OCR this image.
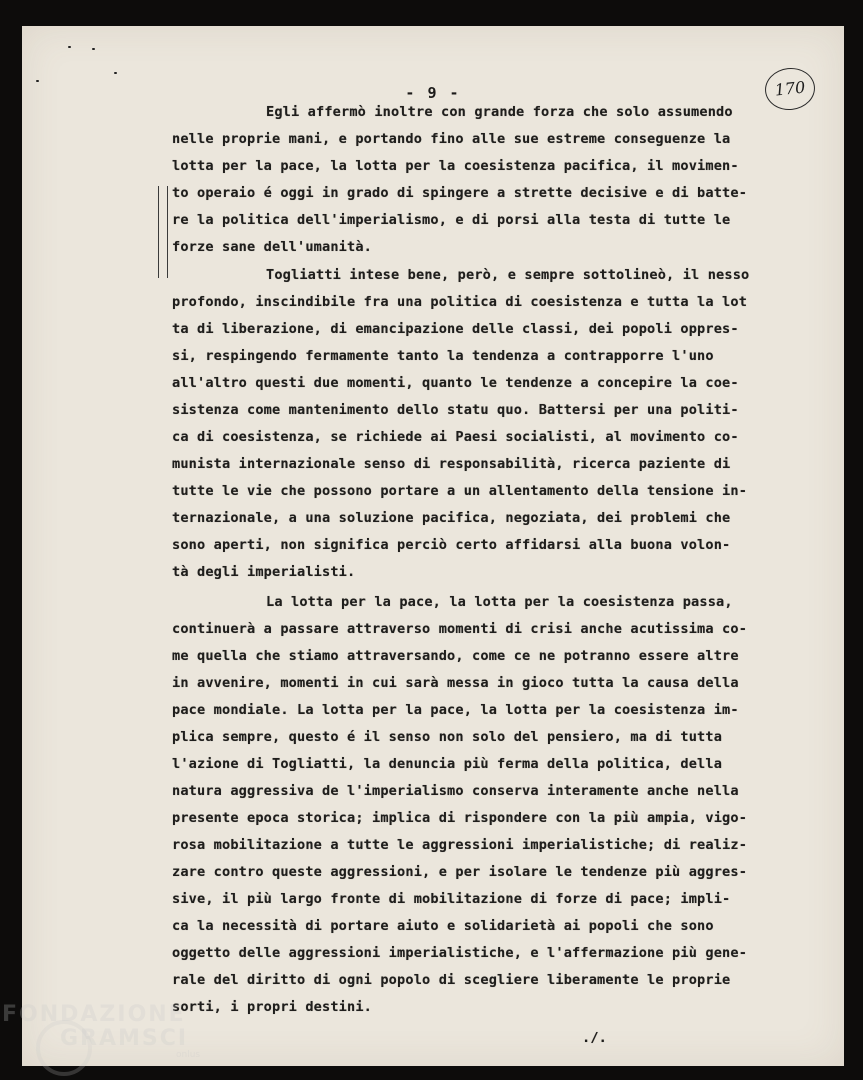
- 9 -	170
Egli affermò inoltre con grande forza che solo assumendo
nelle proprie mani, e portando fino alle sue estreme conseguenze la
lotta per la pace, la lotta per la coesistenza pacifica, il movimen-
to operaio é oggi in grado di spingere a strette decisive e di batte-
re la politica dell'imperialismo, e di porsi alla testa di tutte le
forze sane dell'umanità.
Togliatti intese bene, però, e sempre sottolineò, il nesso
profondo, inscindibile fra una politica di coesistenza e tutta la lot
ta di liberazione, di emancipazione delle classi, dei popoli oppres-
si, respingendo fermamente tanto la tendenza a contrapporre l'uno
all'altro questi due momenti, quanto le tendenze a concepire la coe-
sistenza come mantenimento dello statu quo. Battersi per una politi-
ca di coesistenza, se richiede ai Paesi socialisti, al movimento co-
munista internazionale senso di responsabilità, ricerca paziente di
tutte le vie che possono portare a un allentamento della tensione in-
ternazionale, a una soluzione pacifica, negoziata, dei problemi che
sono aperti, non significa perciò certo affidarsi alla buona volon-
tà degli imperialisti.
La lotta per la pace, la lotta per la coesistenza passa,
continuerà a passare attraverso momenti di crisi anche acutissima co-
me quella che stiamo attraversando, come ce ne potranno essere altre
in avvenire, momenti in cui sarà messa in gioco tutta la causa della
pace mondiale. La lotta per la pace, la lotta per la coesistenza im-
plica sempre, questo é il senso non solo del pensiero, ma di tutta
l'azione di Togliatti, la denuncia più ferma della politica, della
natura aggressiva de l'imperialismo conserva interamente anche nella
presente epoca storica; implica di rispondere con la più ampia, vigo-
rosa mobilitazione a tutte le aggressioni imperialistiche; di realiz-
zare contro queste aggressioni, e per isolare le tendenze più aggres-
sive, il più largo fronte di mobilitazione di forze di pace; impli-
ca la necessità di portare aiuto e solidarietà ai popoli che sono
oggetto delle aggressioni imperialistiche, e l'affermazione più gene-
rale del diritto di ogni popolo di scegliere liberamente le proprie
sorti, i propri destini.
./.
FONDAZIONE
GRAMSCI
onlus
